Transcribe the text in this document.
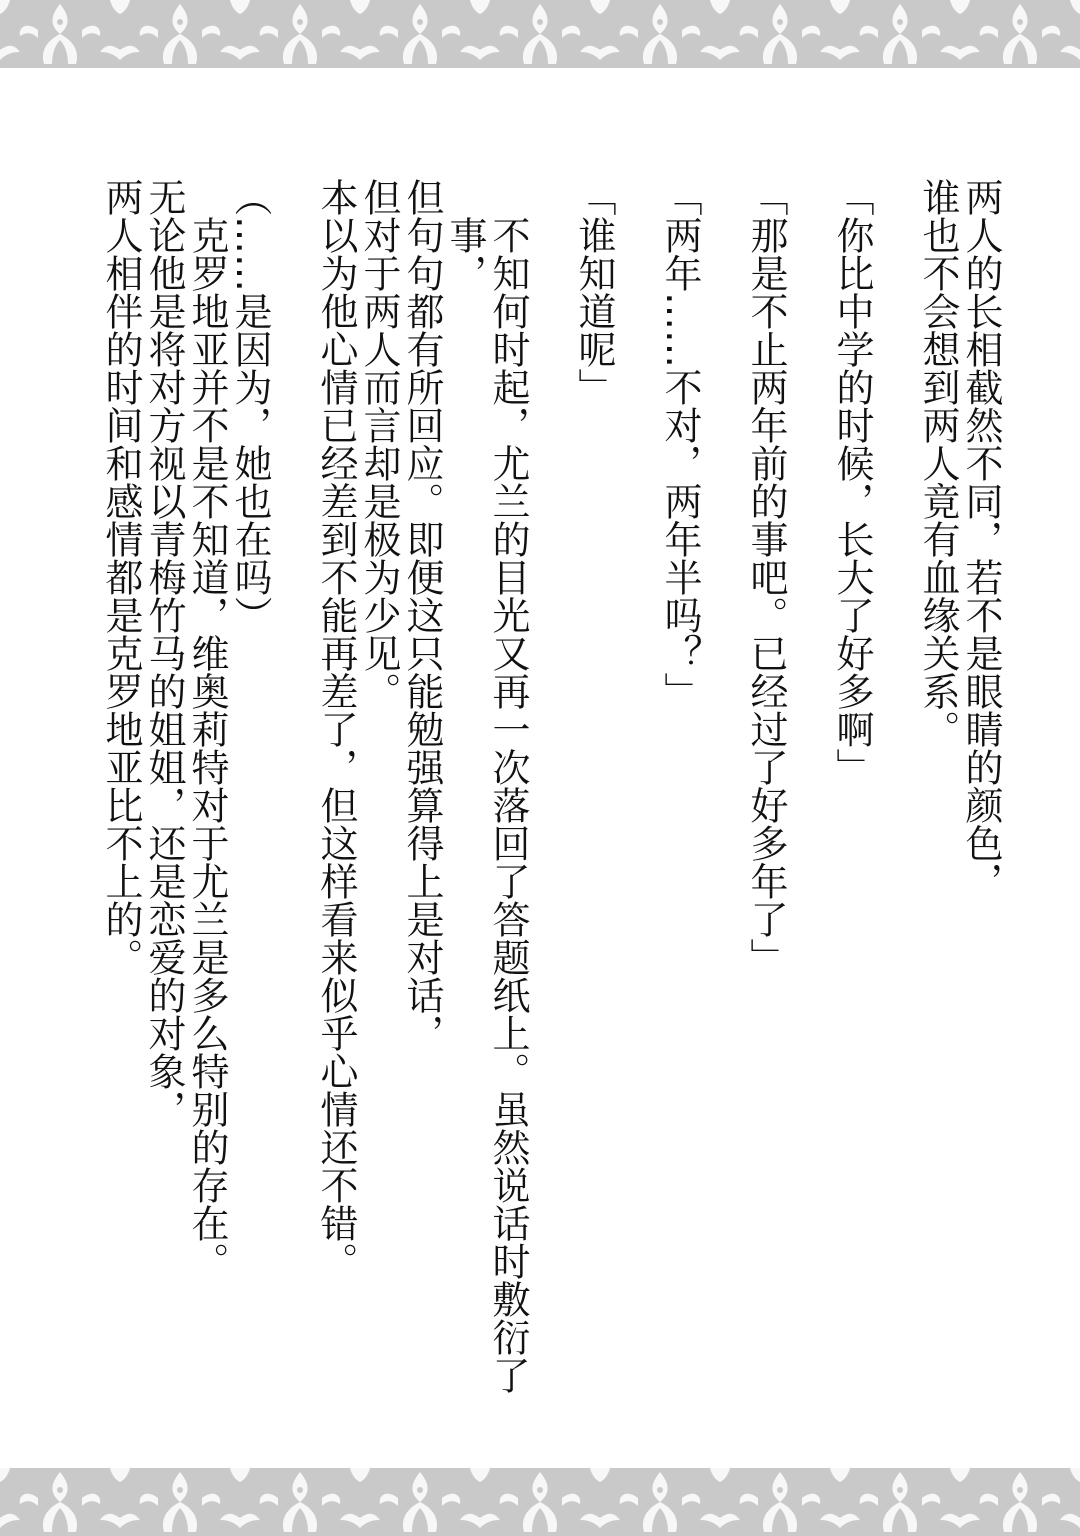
两人的长相截然不同，若不是眼睛的颜色，

谁也不会想到两人竟有血缘关系。

「你比中学的时候，长大了好多啊」

「那是不止两年前的事吧。已经过了好多年了」

「两年……不对，两年半吗？」

「谁知道呢」

不知何时起，尤兰的目光又再一次落回了答题纸上。虽然说话时敷衍了事，

但句句都有所回应。即便这只能勉强算得上是对话，

但对于两人而言却是极为少见。

本以为他心情已经差到不能再差了，但这样看来似乎心情还不错。

（……是因为，她也在吗）

克罗地亚并不是不知道，维奥莉特对于尤兰是多么特别的存在。

无论他是将对方视以青梅竹马的姐姐，还是恋爱的对象，

两人相伴的时间和感情都是克罗地亚比不上的。
